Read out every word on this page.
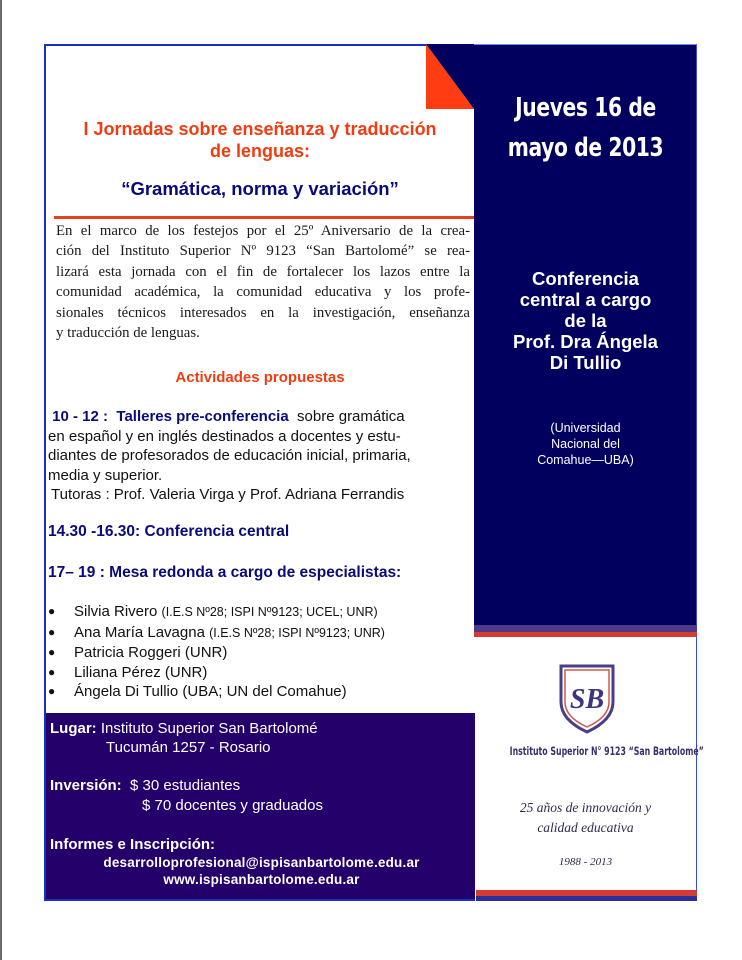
I Jornadas sobre enseñanza y traducción
de lenguas:
“Gramática, norma y variación”
En el marco de los festejos por el 25º Aniversario de la crea-
ción del Instituto Superior Nº 9123 “San Bartolomé” se rea-
lizará esta jornada con el fin de fortalecer los lazos entre la
comunidad académica, la comunidad educativa y los profe-
sionales técnicos interesados en la investigación, enseñanza
y traducción de lenguas.
Actividades propuestas
10 - 12 : Talleres pre-conferencia sobre gramática
en español y en inglés destinados a docentes y estu-
diantes de profesorados de educación inicial, primaria,
media y superior.
Tutoras : Prof. Valeria Virga y Prof. Adriana Ferrandis
14.30 -16.30: Conferencia central
17– 19 : Mesa redonda a cargo de especialistas:
● Silvia Rivero (I.E.S Nº28; ISPI Nº9123; UCEL; UNR)
● Ana María Lavagna (I.E.S Nº28; ISPI Nº9123; UNR)
● Patricia Roggeri (UNR)
● Liliana Pérez (UNR)
● Ángela Di Tullio (UBA; UN del Comahue)
Lugar: Instituto Superior San Bartolomé
Tucumán 1257 - Rosario
Inversión: $ 30 estudiantes
$ 70 docentes y graduados
Informes e Inscripción:
desarrolloprofesional@ispisanbartolome.edu.ar
www.ispisanbartolome.edu.ar
Jueves 16 de
mayo de 2013
Conferencia
central a cargo
de la
Prof. Dra Ángela
Di Tullio
(Universidad
Nacional del
Comahue—UBA)
SB
Instituto Superior N° 9123 “San Bartolomé”
25 años de innovación y
calidad educativa
1988 - 2013
